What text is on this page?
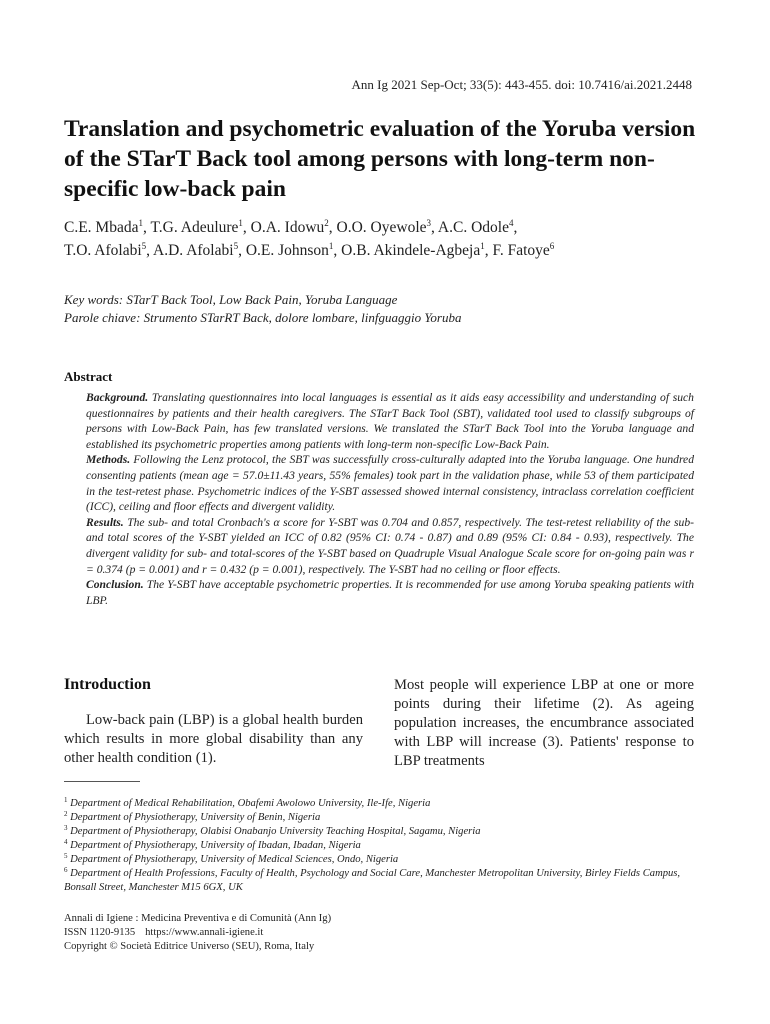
Ann Ig 2021 Sep-Oct; 33(5): 443-455. doi: 10.7416/ai.2021.2448
Translation and psychometric evaluation of the Yoruba version of the STarT Back tool among persons with long-term non-specific low-back pain

C.E. Mbada$^1$, T.G. Adeulure$^1$, O.A. Idowu$^2$, O.O. Oyewole$^3$, A.C. Odole$^4$,
T.O. Afolabi$^5$, A.D. Afolabi$^5$, O.E. Johnson$^1$, O.B. Akindele-Agbeja$^1$, F. Fatoye$^6$

Key words: STarT Back Tool, Low Back Pain, Yoruba Language
Parole chiave: Strumento STarRT Back, dolore lombare, linfguaggio Yoruba
Abstract

Background. Translating questionnaires into local languages is essential as it aids easy accessibility and understanding of such questionnaires by patients and their health caregivers. The STarT Back Tool (SBT), validated tool used to classify subgroups of persons with Low-Back Pain, has few translated versions. We translated the STarT Back Tool into the Yoruba language and established its psychometric properties among patients with long-term non-specific Low-Back Pain.

Methods. Following the Lenz protocol, the SBT was successfully cross-culturally adapted into the Yoruba language. One hundred consenting patients (mean age = 57.0±11.43 years, 55% females) took part in the validation phase, while 53 of them participated in the test-retest phase. Psychometric indices of the Y-SBT assessed showed internal consistency, intraclass correlation coefficient (ICC), ceiling and floor effects and divergent validity.

Results. The sub- and total Cronbach's α score for Y-SBT was 0.704 and 0.857, respectively. The test-retest reliability of the sub- and total scores of the Y-SBT yielded an ICC of 0.82 (95% CI: 0.74 - 0.87) and 0.89 (95% CI: 0.84 - 0.93), respectively. The divergent validity for sub- and total-scores of the Y-SBT based on Quadruple Visual Analogue Scale score for on-going pain was r = 0.374 (p = 0.001) and r = 0.432 (p = 0.001), respectively. The Y-SBT had no ceiling or floor effects.

Conclusion. The Y-SBT have acceptable psychometric properties. It is recommended for use among Yoruba speaking patients with LBP.

Introduction
Low-back pain (LBP) is a global health burden which results in more global disability than any other health condition (1).
Most people will experience LBP at one or more points during their lifetime (2). As ageing population increases, the encumbrance associated with LBP will increase (3). Patients' response to LBP treatments
$^1$ Department of Medical Rehabilitation, Obafemi Awolowo University, Ile-Ife, Nigeria
$^2$ Department of Physiotherapy, University of Benin, Nigeria
$^3$ Department of Physiotherapy, Olabisi Onabanjo University Teaching Hospital, Sagamu, Nigeria
$^4$ Department of Physiotherapy, University of Ibadan, Ibadan, Nigeria
$^5$ Department of Physiotherapy, University of Medical Sciences, Ondo, Nigeria
$^6$ Department of Health Professions, Faculty of Health, Psychology and Social Care, Manchester Metropolitan University, Birley Fields Campus, Bonsall Street, Manchester M15 6GX, UK
Annali di Igiene : Medicina Preventiva e di Comunità (Ann Ig)
ISSN 1120-9135 https://www.annali-igiene.it
Copyright © Società Editrice Universo (SEU), Roma, Italy
